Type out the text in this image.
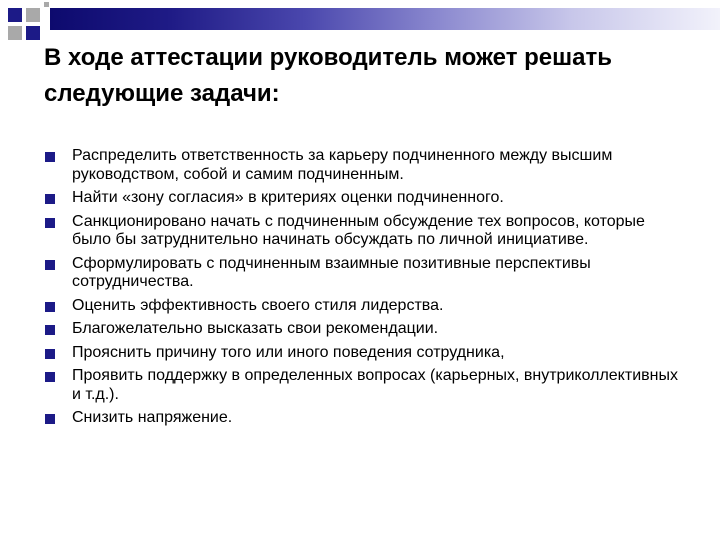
В ходе аттестации руководитель может решать следующие задачи:
Распределить ответственность за карьеру подчиненного между высшим руководством, собой и самим подчиненным.
Найти «зону согласия» в критериях оценки подчиненного.
Санкционировано начать с подчиненным обсуждение тех вопросов, которые было бы затруднительно начинать обсуждать по личной инициативе.
Сформулировать с подчиненным взаимные позитивные перспективы сотрудничества.
Оценить эффективность своего стиля лидерства.
Благожелательно высказать свои рекомендации.
Прояснить причину того или иного поведения сотрудника,
Проявить поддержку в определенных вопросах (карьерных, внутриколлективных и т.д.).
Снизить напряжение.
